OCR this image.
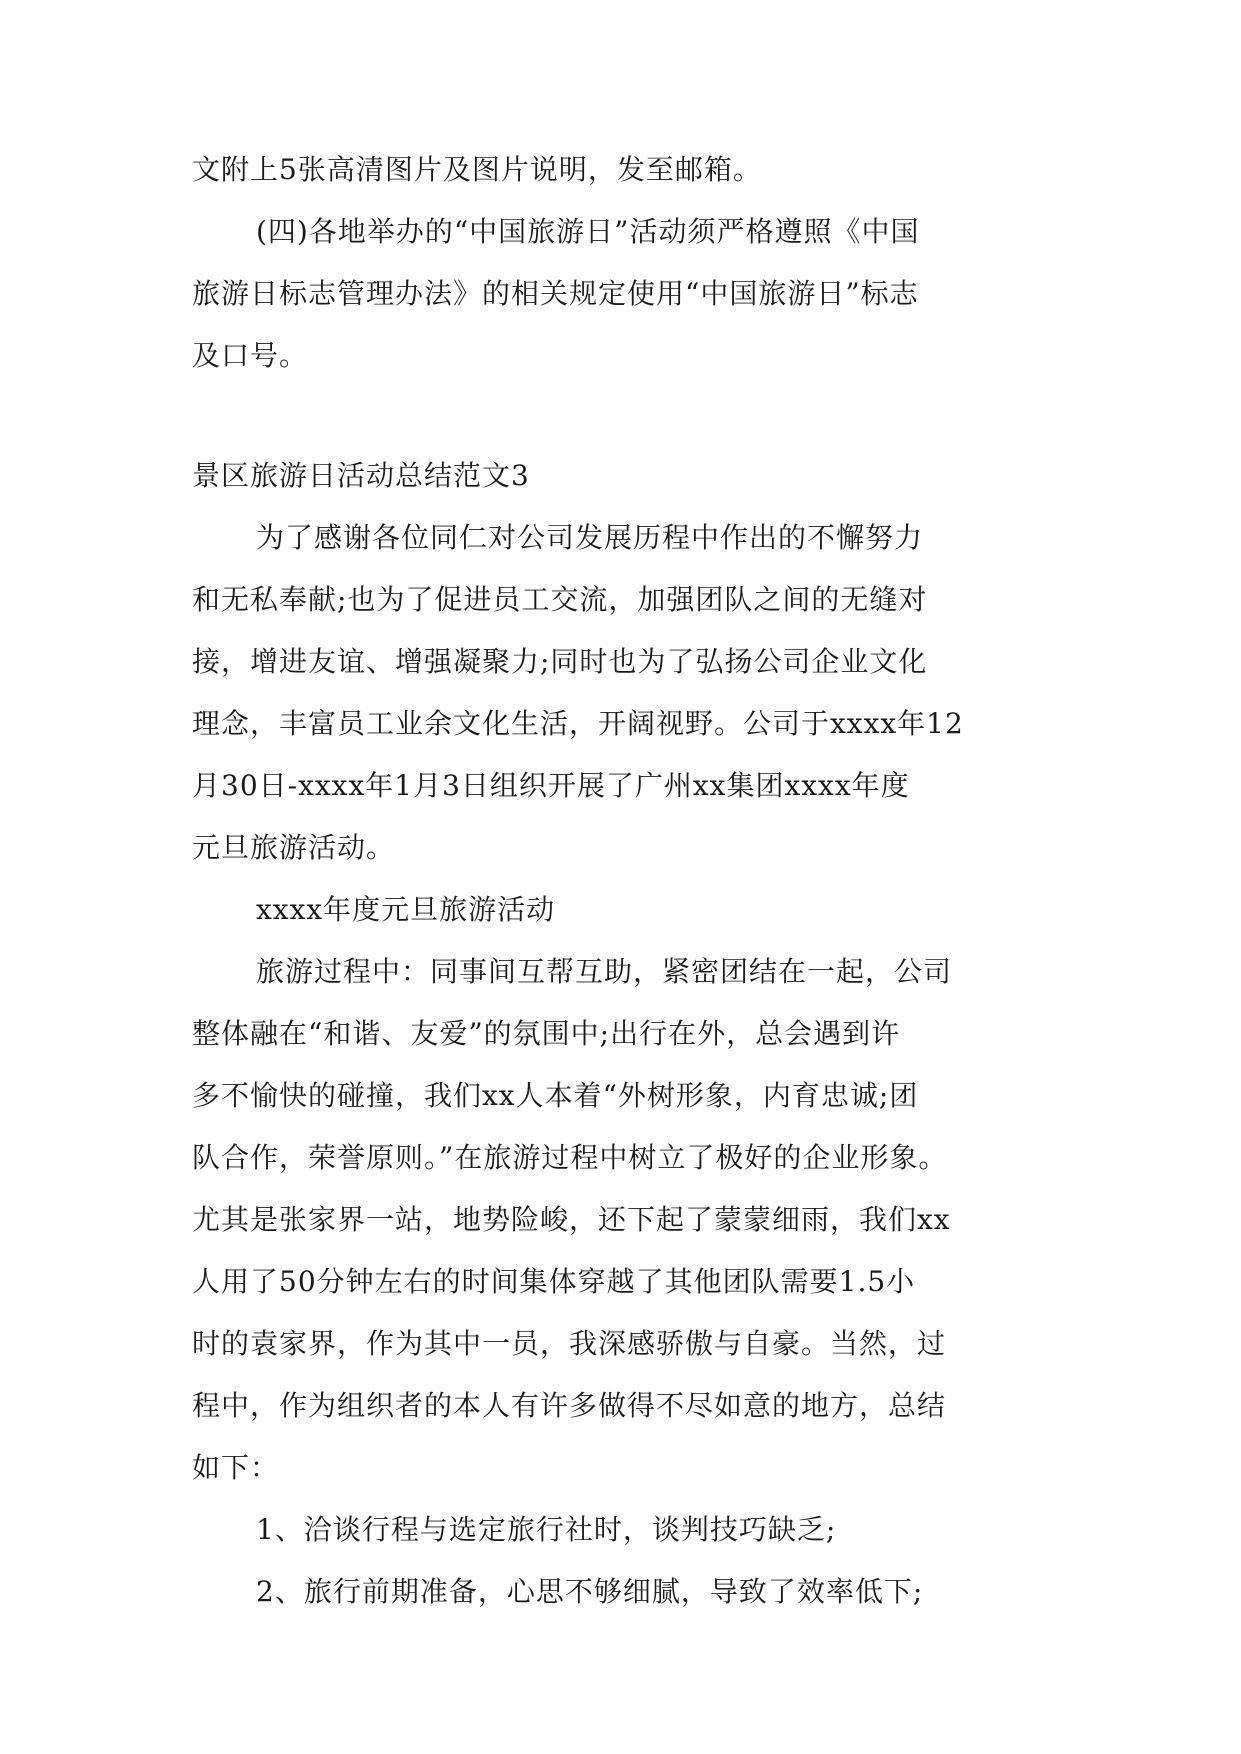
文附上5张高清图片及图片说明，发至邮箱。

(四)各地举办的“中国旅游日”活动须严格遵照《中国

旅游日标志管理办法》的相关规定使用“中国旅游日”标志

及口号。

景区旅游日活动总结范文3

为了感谢各位同仁对公司发展历程中作出的不懈努力

和无私奉献;也为了促进员工交流，加强团队之间的无缝对

接，增进友谊、增强凝聚力;同时也为了弘扬公司企业文化

理念，丰富员工业余文化生活，开阔视野。公司于xxxx年12

月30日-xxxx年1月3日组织开展了广州xx集团xxxx年度

元旦旅游活动。

xxxx年度元旦旅游活动

旅游过程中：同事间互帮互助，紧密团结在一起，公司

整体融在“和谐、友爱”的氛围中;出行在外，总会遇到许

多不愉快的碰撞，我们xx人本着“外树形象，内育忠诚;团

队合作，荣誉原则。”在旅游过程中树立了极好的企业形象。

尤其是张家界一站，地势险峻，还下起了蒙蒙细雨，我们xx

人用了50分钟左右的时间集体穿越了其他团队需要1.5小

时的袁家界，作为其中一员，我深感骄傲与自豪。当然，过

程中，作为组织者的本人有许多做得不尽如意的地方，总结

如下：

1、洽谈行程与选定旅行社时，谈判技巧缺乏;

2、旅行前期准备，心思不够细腻，导致了效率低下;
